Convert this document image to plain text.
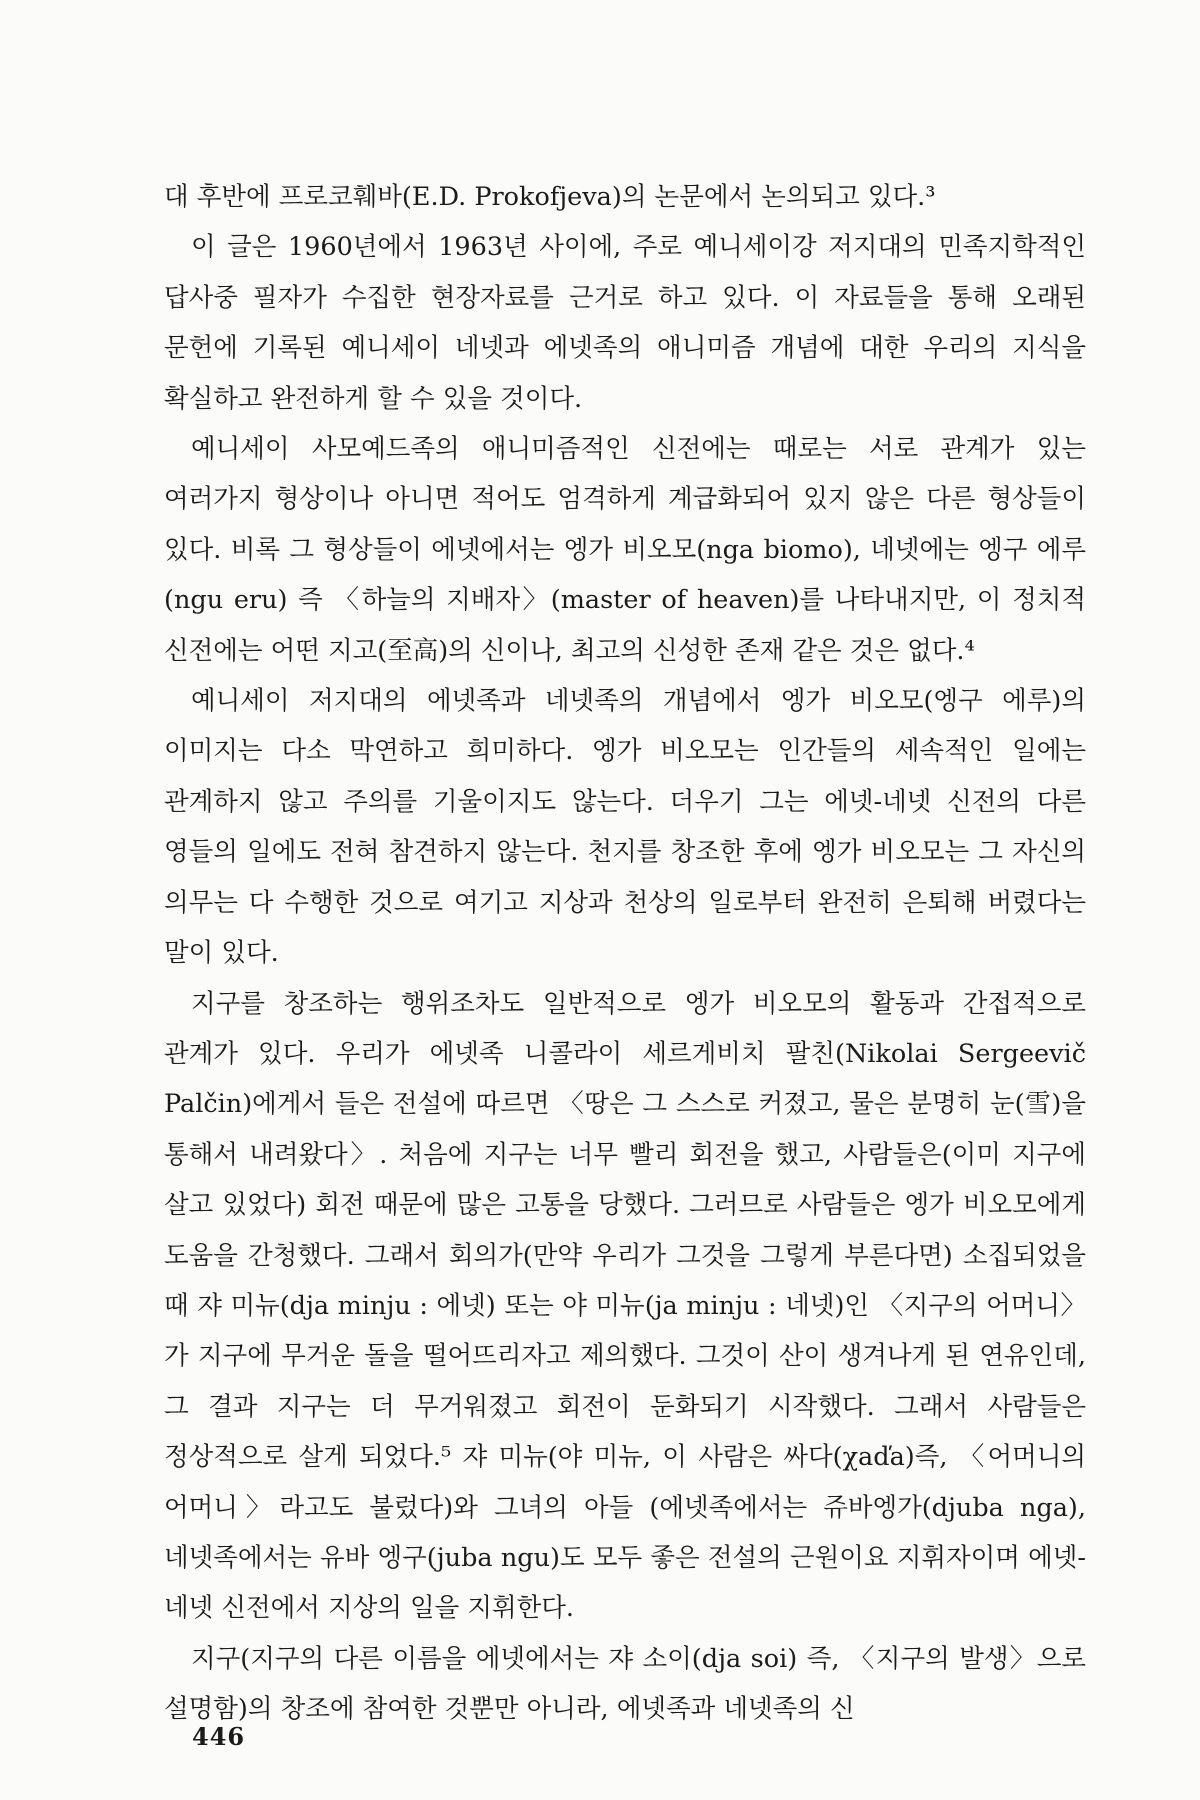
대 후반에 프로코훼바(E.D. Prokofjeva)의 논문에서 논의되고 있다.³

이 글은 1960년에서 1963년 사이에, 주로 예니세이강 저지대의 민족지학적인 답사중 필자가 수집한 현장자료를 근거로 하고 있다. 이 자료들을 통해 오래된 문헌에 기록된 예니세이 네넷과 에넷족의 애니미즘 개념에 대한 우리의 지식을 확실하고 완전하게 할 수 있을 것이다.

예니세이 사모예드족의 애니미즘적인 신전에는 때로는 서로 관계가 있는 여러가지 형상이나 아니면 적어도 엄격하게 계급화되어 있지 않은 다른 형상들이 있다. 비록 그 형상들이 에넷에서는 엥가 비오모(nga biomo), 네넷에는 엥구 에루(ngu eru) 즉 〈하늘의 지배자〉(master of heaven)를 나타내지만, 이 정치적 신전에는 어떤 지고(至高)의 신이나, 최고의 신성한 존재 같은 것은 없다.⁴

예니세이 저지대의 에넷족과 네넷족의 개념에서 엥가 비오모(엥구 에루)의 이미지는 다소 막연하고 희미하다. 엥가 비오모는 인간들의 세속적인 일에는 관계하지 않고 주의를 기울이지도 않는다. 더우기 그는 에넷-네넷 신전의 다른 영들의 일에도 전혀 참견하지 않는다. 천지를 창조한 후에 엥가 비오모는 그 자신의 의무는 다 수행한 것으로 여기고 지상과 천상의 일로부터 완전히 은퇴해 버렸다는 말이 있다.

지구를 창조하는 행위조차도 일반적으로 엥가 비오모의 활동과 간접적으로 관계가 있다. 우리가 에넷족 니콜라이 세르게비치 팔친(Nikolai Sergeevič Palčin)에게서 들은 전설에 따르면 〈땅은 그 스스로 커졌고, 물은 분명히 눈(雪)을 통해서 내려왔다〉. 처음에 지구는 너무 빨리 회전을 했고, 사람들은(이미 지구에 살고 있었다) 회전 때문에 많은 고통을 당했다. 그러므로 사람들은 엥가 비오모에게 도움을 간청했다. 그래서 회의가(만약 우리가 그것을 그렇게 부른다면) 소집되었을 때 쟈 미뉴(dja minju : 에넷) 또는 야 미뉴(ja minju : 네넷)인 〈지구의 어머니〉가 지구에 무거운 돌을 떨어뜨리자고 제의했다. 그것이 산이 생겨나게 된 연유인데, 그 결과 지구는 더 무거워졌고 회전이 둔화되기 시작했다. 그래서 사람들은 정상적으로 살게 되었다.⁵ 쟈 미뉴(야 미뉴, 이 사람은 싸다(χaďa)즉, 〈어머니의 어머니〉라고도 불렀다)와 그녀의 아들 (에넷족에서는 쥬바엥가(djuba nga), 네넷족에서는 유바 엥구(juba ngu)도 모두 좋은 전설의 근원이요 지휘자이며 에넷-네넷 신전에서 지상의 일을 지휘한다.

지구(지구의 다른 이름을 에넷에서는 쟈 소이(dja soi) 즉, 〈지구의 발생〉으로 설명함)의 창조에 참여한 것뿐만 아니라, 에넷족과 네넷족의 신

446
